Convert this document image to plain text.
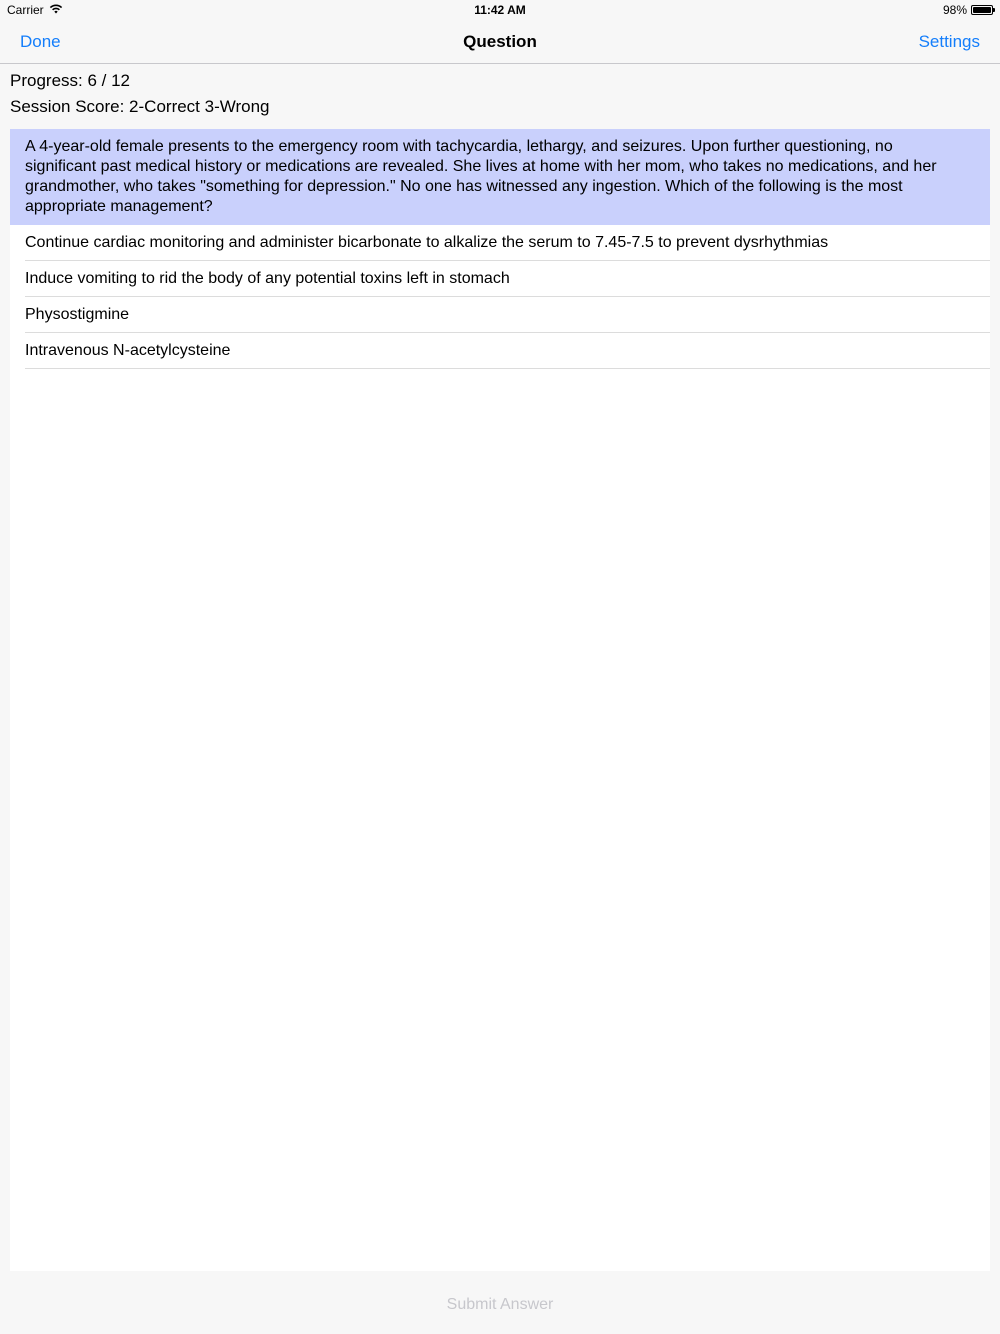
Carrier	11:42 AM	98%
Done	Question	Settings
Progress: 6 / 12
Session Score: 2-Correct 3-Wrong
A 4-year-old female presents to the emergency room with tachycardia, lethargy, and seizures. Upon further questioning, no significant past medical history or medications are revealed. She lives at home with her mom, who takes no medications, and her grandmother, who takes "something for depression." No one has witnessed any ingestion. Which of the following is the most appropriate management?
Continue cardiac monitoring and administer bicarbonate to alkalize the serum to 7.45-7.5 to prevent dysrhythmias
Induce vomiting to rid the body of any potential toxins left in stomach
Physostigmine
Intravenous N-acetylcysteine
Submit Answer
